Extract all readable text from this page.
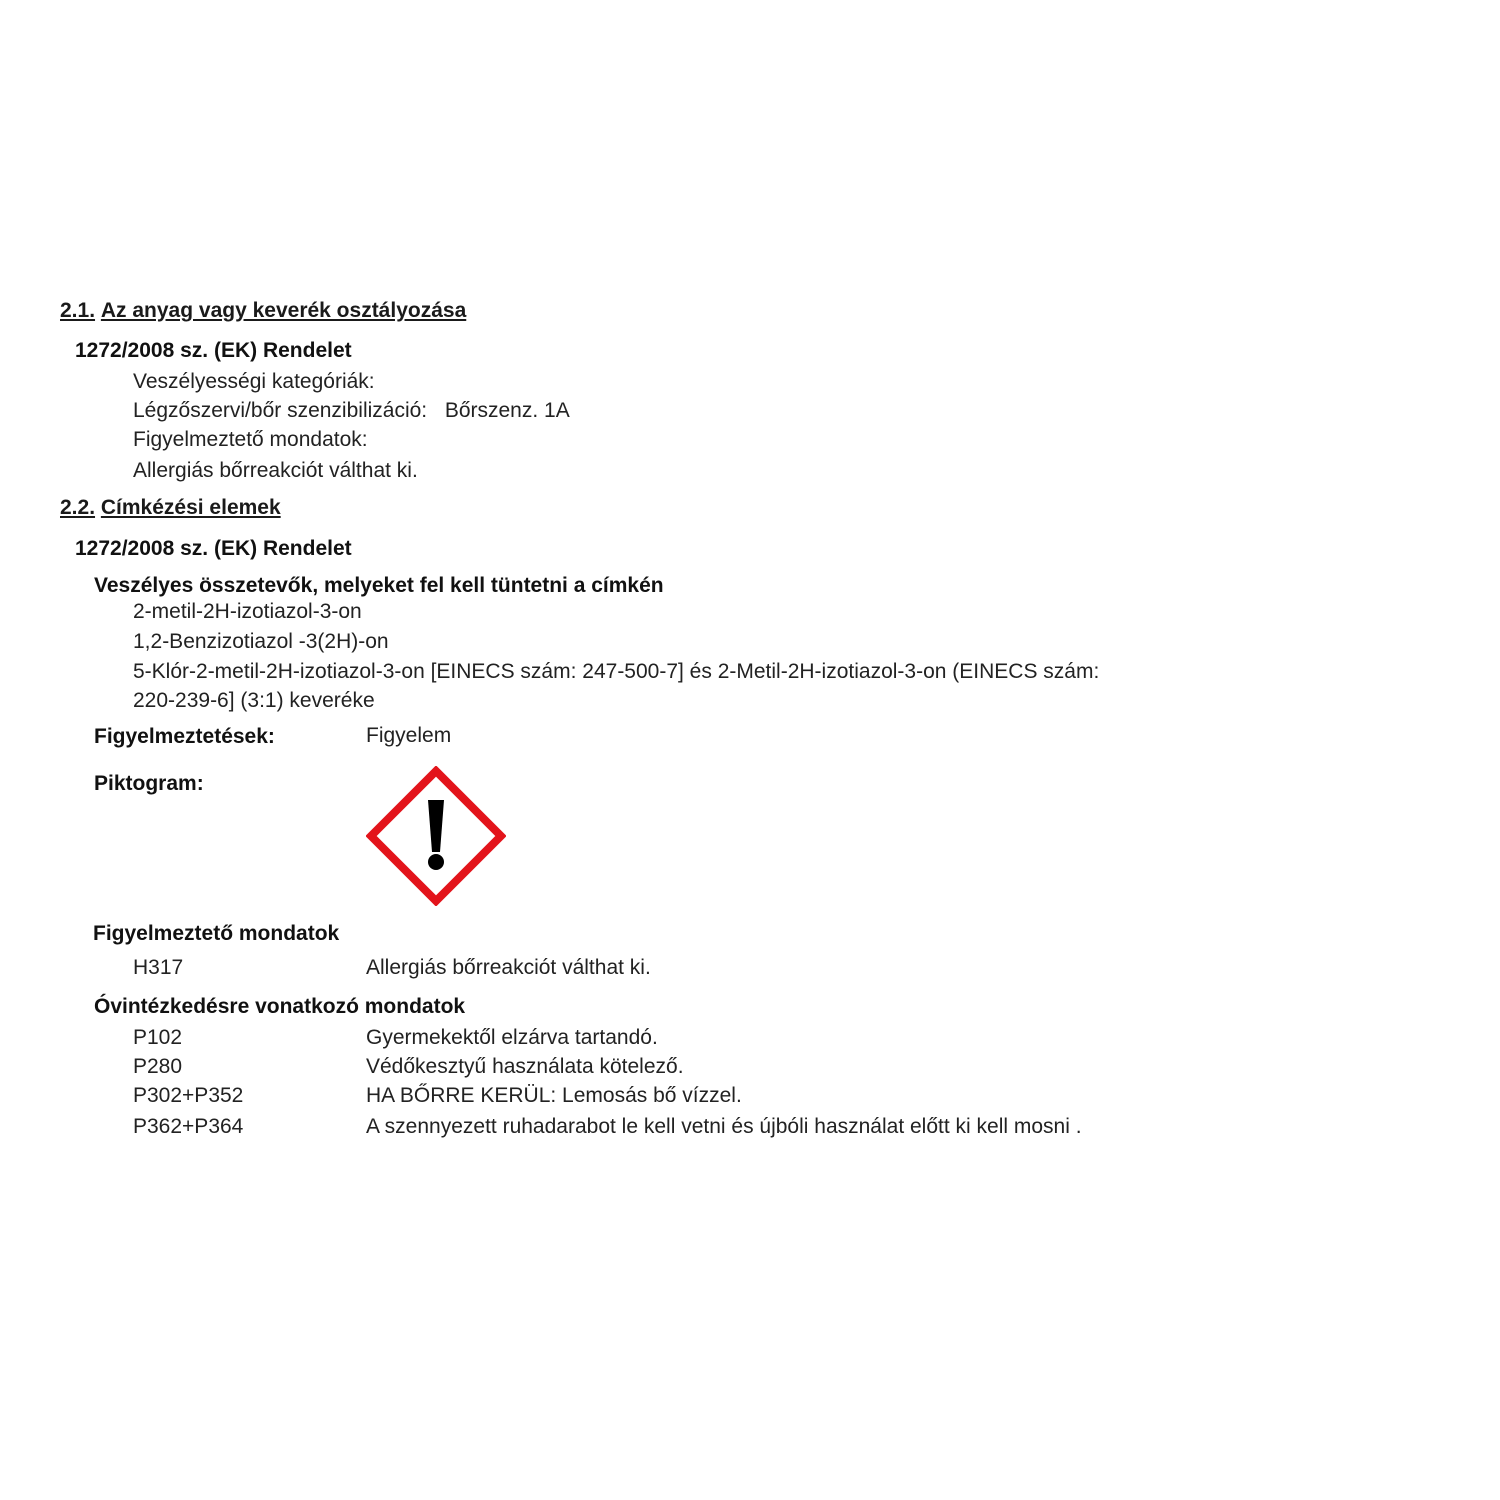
2.1. Az anyag vagy keverék osztályozása
1272/2008 sz. (EK) Rendelet
Veszélyességi kategóriák:
Légzőszervi/bőr szenzibilizáció: Bőrszenz. 1A
Figyelmeztető mondatok:
Allergiás bőrreakciót válthat ki.
2.2. Címkézési elemek
1272/2008 sz. (EK) Rendelet
Veszélyes összetevők, melyeket fel kell tüntetni a címkén
2-metil-2H-izotiazol-3-on
1,2-Benzizotiazol -3(2H)-on
5-Klór-2-metil-2H-izotiazol-3-on [EINECS szám: 247-500-7] és 2-Metil-2H-izotiazol-3-on (EINECS szám:
220-239-6] (3:1) keveréke
Figyelmeztetések:	Figyelem
Piktogram:
Figyelmeztető mondatok
H317	Allergiás bőrreakciót válthat ki.
Óvintézkedésre vonatkozó mondatok
P102	Gyermekektől elzárva tartandó.
P280	Védőkesztyű használata kötelező.
P302+P352	HA BŐRRE KERÜL: Lemosás bő vízzel.
P362+P364	A szennyezett ruhadarabot le kell vetni és újbóli használat előtt ki kell mosni .
